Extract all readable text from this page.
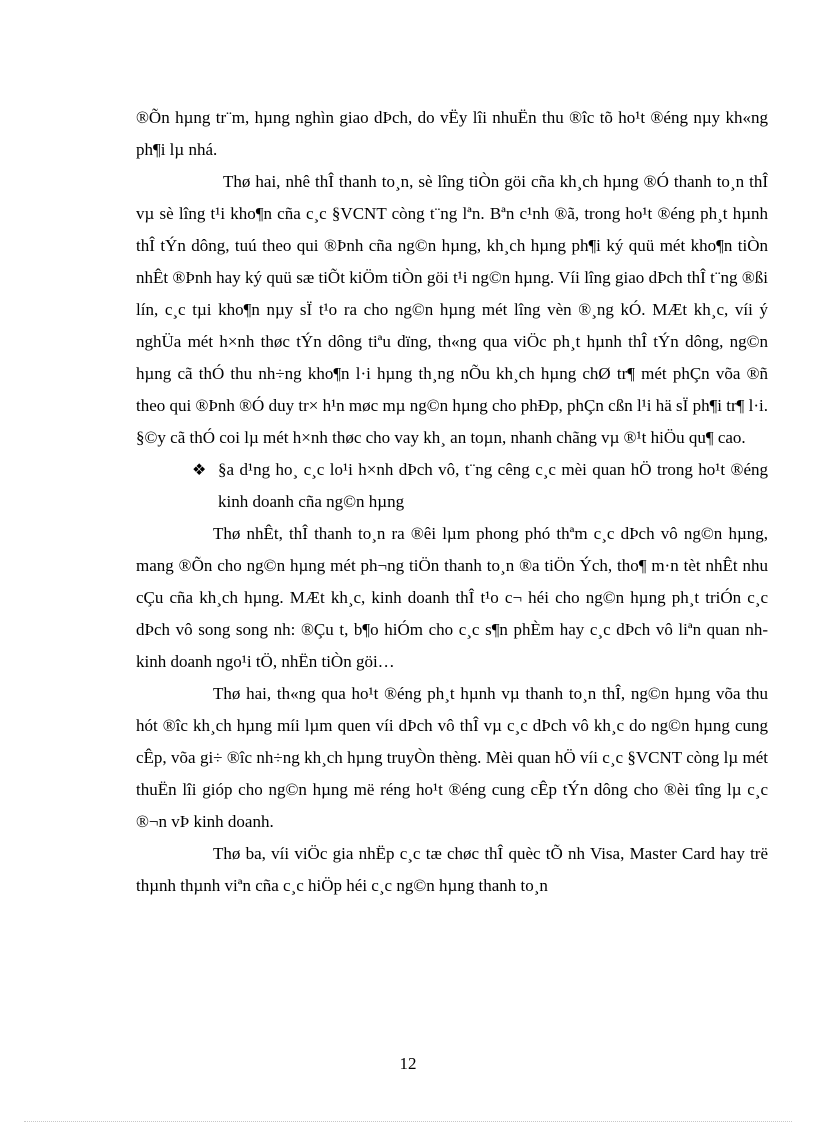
®Õn hµng tr¨m, hµng nghìn giao dÞch, do vËy lîi nhuËn thu ®îc tõ ho¹t ®éng nµy kh«ng ph¶i lµ nhá.

Thø hai, nhê thÎ thanh to¸n, sè lîng tiÒn göi cña kh¸ch hµng ®Ó thanh to¸n thÎ vµ sè lîng t¹i kho¶n cña c¸c §VCNT còng t¨ng lªn. Bªn c¹nh ®ã, trong ho¹t ®éng ph¸t hµnh thÎ tÝn dông, tuú theo qui ®Þnh cña ng©n hµng, kh¸ch hµng ph¶i ký quü mét kho¶n tiÒn nhÊt ®Þnh hay ký quü sæ tiÕt kiÖm tiÒn göi t¹i ng©n hµng. Víi lîng giao dÞch thÎ t¨ng ®ßi lín, c¸c tµi kho¶n nµy sÏ t¹o ra cho ng©n hµng mét lîng vèn ®¸ng kÓ. MÆt kh¸c, víi ý nghÜa mét h×nh thøc tÝn dông tiªu dïng, th«ng qua viÖc ph¸t hµnh thÎ tÝn dông, ng©n hµng cã thÓ thu nh÷ng kho¶n l·i hµng th¸ng nÕu kh¸ch hµng chØ tr¶ mét phÇn võa ®ñ theo qui ®Þnh ®Ó duy tr× h¹n møc mµ ng©n hµng cho phÐp, phÇn cßn l¹i hä sÏ ph¶i tr¶ l·i. §©y cã thÓ coi lµ mét h×nh thøc cho vay kh¸ an toµn, nhanh chãng vµ ®¹t hiÖu qu¶ cao.

❖ §a d¹ng ho¸ c¸c lo¹i h×nh dÞch vô, t¨ng cêng c¸c mèi quan hÖ trong ho¹t ®éng kinh doanh cña ng©n hµng

Thø nhÊt, thÎ thanh to¸n ra ®êi lµm phong phó thªm c¸c dÞch vô ng©n hµng, mang ®Õn cho ng©n hµng mét ph¬ng tiÖn thanh to¸n ®a tiÖn Ých, tho¶ m·n tèt nhÊt nhu cÇu cña kh¸ch hµng. MÆt kh¸c, kinh doanh thÎ t¹o c¬ héi cho ng©n hµng ph¸t triÓn c¸c dÞch vô song song nh: ®Çu t, b¶o hiÓm cho c¸c s¶n phÈm hay c¸c dÞch vô liªn quan nh kinh doanh ngo¹i tÖ, nhËn tiÒn göi…

Thø hai, th«ng qua ho¹t ®éng ph¸t hµnh vµ thanh to¸n thÎ, ng©n hµng võa thu hót ®îc kh¸ch hµng míi lµm quen víi dÞch vô thÎ vµ c¸c dÞch vô kh¸c do ng©n hµng cung cÊp, võa gi÷ ®îc nh÷ng kh¸ch hµng truyÒn thèng. Mèi quan hÖ víi c¸c §VCNT còng lµ mét thuËn lîi gióp cho ng©n hµng më réng ho¹t ®éng cung cÊp tÝn dông cho ®èi tîng lµ c¸c ®¬n vÞ kinh doanh.

Thø ba, víi viÖc gia nhËp c¸c tæ chøc thÎ quèc tÕ nh Visa, Master Card hay trë thµnh thµnh viªn cña c¸c hiÖp héi c¸c ng©n hµng thanh to¸n

12
